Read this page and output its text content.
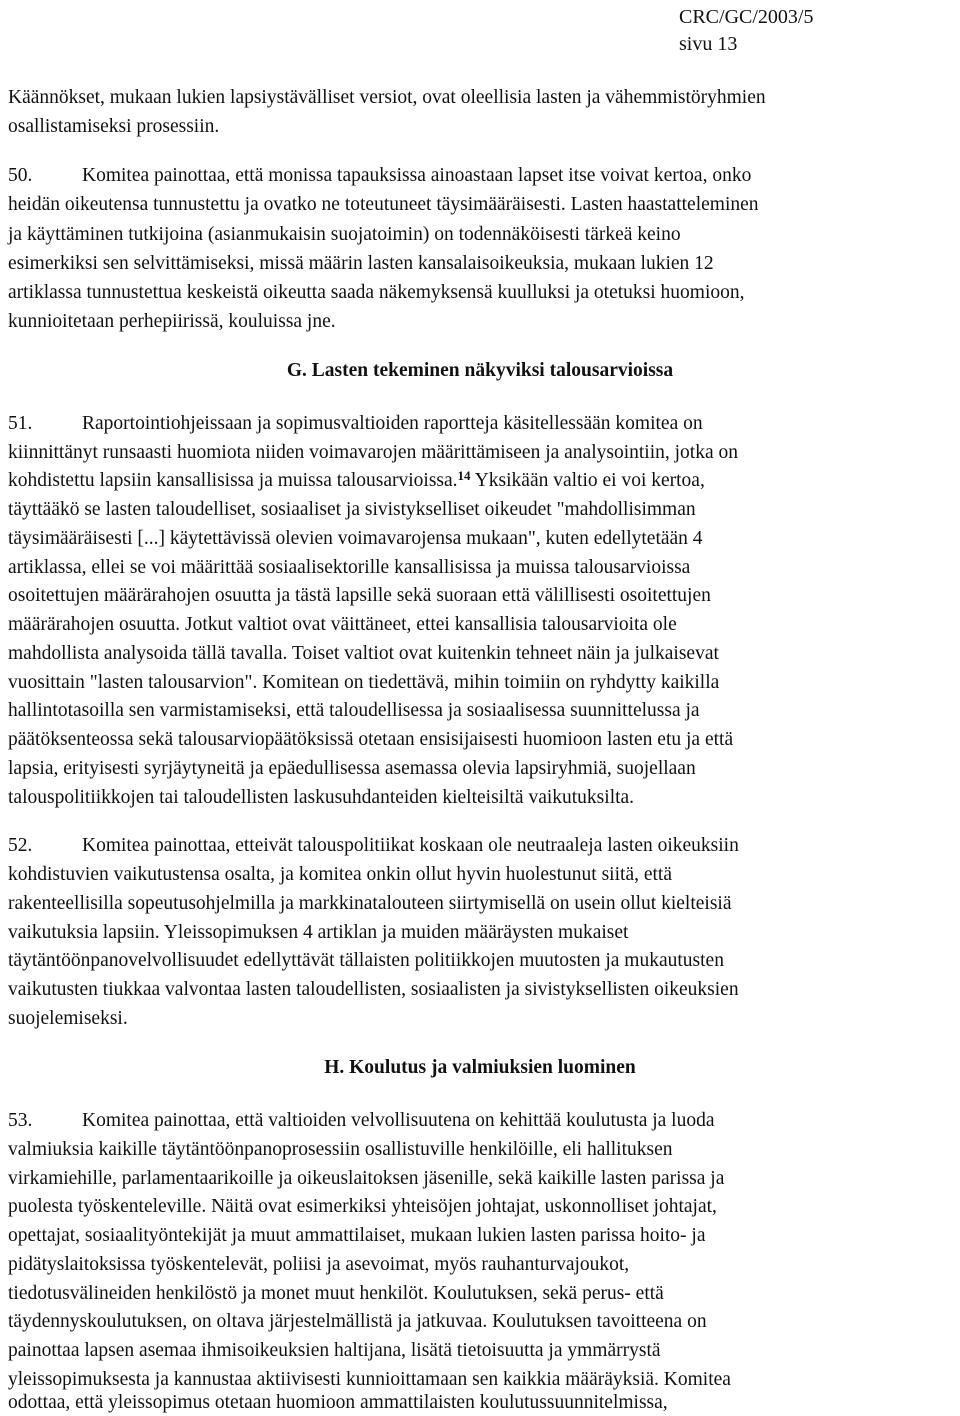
CRC/GC/2003/5
sivu 13
Käännökset, mukaan lukien lapsiystävälliset versiot, ovat oleellisia lasten ja vähemmistöryhmien
osallistamiseksi prosessiin.
50.	Komitea painottaa, että monissa tapauksissa ainoastaan lapset itse voivat kertoa, onko
heidän oikeutensa tunnustettu ja ovatko ne toteutuneet täysimääräisesti. Lasten haastatteleminen
ja käyttäminen tutkijoina (asianmukaisin suojatoimin) on todennäköisesti tärkeä keino
esimerkiksi sen selvittämiseksi, missä määrin lasten kansalaisoikeuksia, mukaan lukien 12
artiklassa tunnustettua keskeistä oikeutta saada näkemyksensä kuulluksi ja otetuksi huomioon,
kunnioitetaan perhepiirissä, kouluissa jne.
G. Lasten tekeminen näkyviksi talousarvioissa
51.	Raportointiohjeissaan ja sopimusvaltioiden raportteja käsitellessään komitea on
kiinnittänyt runsaasti huomiota niiden voimavarojen määrittämiseen ja analysointiin, jotka on
kohdistettu lapsiin kansallisissa ja muissa talousarvioissa.$^{14}$ Yksikään valtio ei voi kertoa,
täyttääkö se lasten taloudelliset, sosiaaliset ja sivistykselliset oikeudet "mahdollisimman
täysimääräisesti [...] käytettävissä olevien voimavarojensa mukaan", kuten edellytetään 4
artiklassa, ellei se voi määrittää sosiaalisektorille kansallisissa ja muissa talousarvioissa
osoitettujen määrärahojen osuutta ja tästä lapsille sekä suoraan että välillisesti osoitettujen
määrärahojen osuutta. Jotkut valtiot ovat väittäneet, ettei kansallisia talousarvioita ole
mahdollista analysoida tällä tavalla. Toiset valtiot ovat kuitenkin tehneet näin ja julkaisevat
vuosittain "lasten talousarvion". Komitean on tiedettävä, mihin toimiin on ryhdytty kaikilla
hallintotasoilla sen varmistamiseksi, että taloudellisessa ja sosiaalisessa suunnittelussa ja
päätöksenteossa sekä talousarviopäätöksissä otetaan ensisijaisesti huomioon lasten etu ja että
lapsia, erityisesti syrjäytyneitä ja epäedullisessa asemassa olevia lapsiryhmiä, suojellaan
talouspolitiikkojen tai taloudellisten laskusuhdanteiden kielteisiltä vaikutuksilta.
52.	Komitea painottaa, etteivät talouspolitiikat koskaan ole neutraaleja lasten oikeuksiin
kohdistuvien vaikutustensa osalta, ja komitea onkin ollut hyvin huolestunut siitä, että
rakenteellisilla sopeutusohjelmilla ja markkinatalouteen siirtymisellä on usein ollut kielteisiä
vaikutuksia lapsiin. Yleissopimuksen 4 artiklan ja muiden määräysten mukaiset
täytäntöönpanovelvollisuudet edellyttävät tällaisten politiikkojen muutosten ja mukautusten
vaikutusten tiukkaa valvontaa lasten taloudellisten, sosiaalisten ja sivistyksellisten oikeuksien
suojelemiseksi.
H. Koulutus ja valmiuksien luominen
53.	Komitea painottaa, että valtioiden velvollisuutena on kehittää koulutusta ja luoda
valmiuksia kaikille täytäntöönpanoprosessiin osallistuville henkilöille, eli hallituksen
virkamiehille, parlamentaarikoille ja oikeuslaitoksen jäsenille, sekä kaikille lasten parissa ja
puolesta työskenteleville. Näitä ovat esimerkiksi yhteisöjen johtajat, uskonnolliset johtajat,
opettajat, sosiaalityöntekijät ja muut ammattilaiset, mukaan lukien lasten parissa hoito- ja
pidätyslaitoksissa työskentelevät, poliisi ja asevoimat, myös rauhanturvajoukot,
tiedotusvälineiden henkilöstö ja monet muut henkilöt. Koulutuksen, sekä perus- että
täydennyskoulutuksen, on oltava järjestelmällistä ja jatkuvaa. Koulutuksen tavoitteena on
painottaa lapsen asemaa ihmisoikeuksien haltijana, lisätä tietoisuutta ja ymmärrystä
yleissopimuksesta ja kannustaa aktiivisesti kunnioittamaan sen kaikkia määräyksiä. Komitea
odottaa, että yleissopimus otetaan huomioon ammattilaisten koulutussuunnitelmissa,
